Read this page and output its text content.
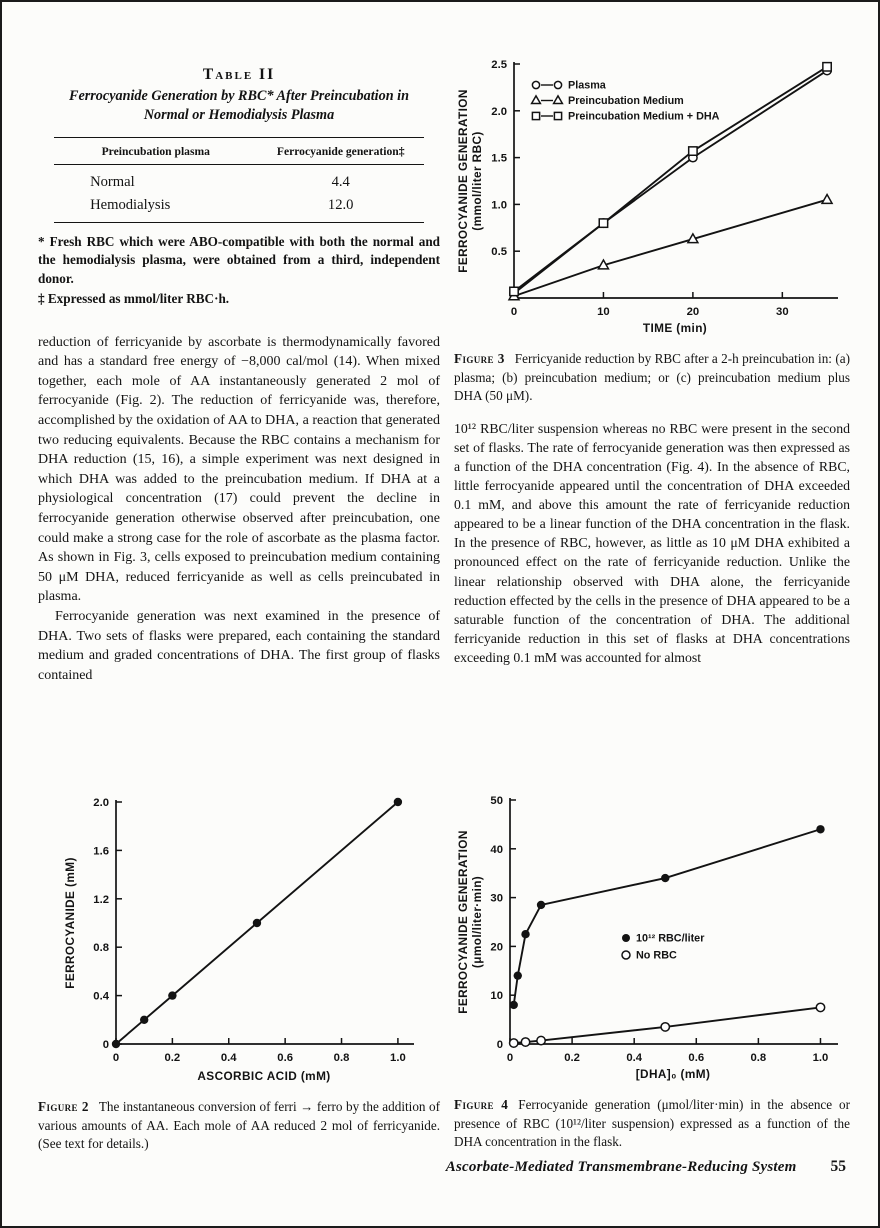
Table II
Ferrocyanide Generation by RBC* After Preincubation in Normal or Hemodialysis Plasma
Preincubation plasma	Ferrocyanide generation‡
Normal	4.4
Hemodialysis	12.0

* Fresh RBC which were ABO-compatible with both the normal and the hemodialysis plasma, were obtained from a third, independent donor.

‡ Expressed as mmol/liter RBC·h.

reduction of ferricyanide by ascorbate is thermodynamically favored and has a standard free energy of −8,000 cal/mol (14). When mixed together, each mole of AA instantaneously generated 2 mol of ferrocyanide (Fig. 2). The reduction of ferricyanide was, therefore, accomplished by the oxidation of AA to DHA, a reaction that generated two reducing equivalents. Because the RBC contains a mechanism for DHA reduction (15, 16), a simple experiment was next designed in which DHA was added to the preincubation medium. If DHA at a physiological concentration (17) could prevent the decline in ferrocyanide generation otherwise observed after preincubation, one could make a strong case for the role of ascorbate as the plasma factor. As shown in Fig. 3, cells exposed to preincubation medium containing 50 μM DHA, reduced ferricyanide as well as cells preincubated in plasma.

Ferrocyanide generation was next examined in the presence of DHA. Two sets of flasks were prepared, each containing the standard medium and graded concentrations of DHA. The first group of flasks contained

0	10	20	30
0.5
1.0
1.5
2.0
2.5
TIME (min)
FERROCYANIDE GENERATION (mmol/liter RBC)
Plasma
Preincubation Medium
Preincubation Medium + DHA

Figure 3 Ferricyanide reduction by RBC after a 2-h preincubation in: (a) plasma; (b) preincubation medium; or (c) preincubation medium plus DHA (50 μM).

10¹² RBC/liter suspension whereas no RBC were present in the second set of flasks. The rate of ferrocyanide generation was then expressed as a function of the DHA concentration (Fig. 4). In the absence of RBC, little ferrocyanide appeared until the concentration of DHA exceeded 0.1 mM, and above this amount the rate of ferricyanide reduction appeared to be a linear function of the DHA concentration in the flask. In the presence of RBC, however, as little as 10 μM DHA exhibited a pronounced effect on the rate of ferricyanide reduction. Unlike the linear relationship observed with DHA alone, the ferricyanide reduction effected by the cells in the presence of DHA appeared to be a saturable function of the concentration of DHA. The additional ferricyanide reduction in this set of flasks at DHA concentrations exceeding 0.1 mM was accounted for almost

0	0.2	0.4	0.6	0.8	1.0
0
0.4
0.8
1.2
1.6
2.0
ASCORBIC ACID (mM)
FERROCYANIDE (mM)

Figure 2 The instantaneous conversion of ferri → ferro by the addition of various amounts of AA. Each mole of AA reduced 2 mol of ferricyanide. (See text for details.)

0	0.2	0.4	0.6	0.8	1.0
0
10
20
30
40
50
[DHA]₀ (mM)
FERROCYANIDE GENERATION (μmol/liter·min)	10¹² RBC/liter
No RBC

Figure 4 Ferrocyanide generation (μmol/liter·min) in the absence or presence of RBC (10¹²/liter suspension) expressed as a function of the DHA concentration in the flask.

Ascorbate-Mediated Transmembrane-Reducing System 55
